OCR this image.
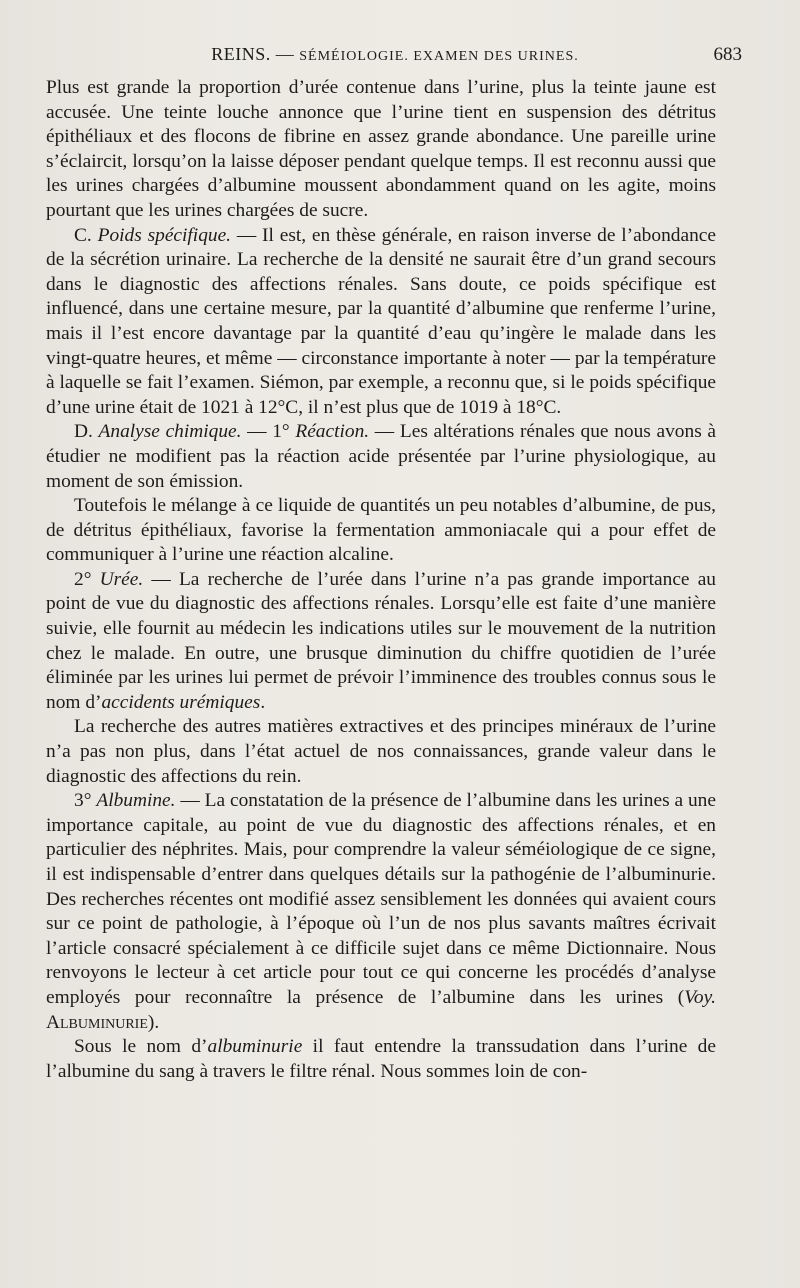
REINS. — SÉMÉIOLOGIE. EXAMEN DES URINES.	683

Plus est grande la proportion d’urée contenue dans l’urine, plus la teinte jaune est accusée. Une teinte louche annonce que l’urine tient en suspension des détritus épithéliaux et des flocons de fibrine en assez grande abondance. Une pareille urine s’éclaircit, lorsqu’on la laisse déposer pendant quelque temps. Il est reconnu aussi que les urines chargées d’albumine moussent abondamment quand on les agite, moins pourtant que les urines chargées de sucre.

C. Poids spécifique. — Il est, en thèse générale, en raison inverse de l’abondance de la sécrétion urinaire. La recherche de la densité ne saurait être d’un grand secours dans le diagnostic des affections rénales. Sans doute, ce poids spécifique est influencé, dans une certaine mesure, par la quantité d’albumine que renferme l’urine, mais il l’est encore davantage par la quantité d’eau qu’ingère le malade dans les vingt-quatre heures, et même — circonstance importante à noter — par la température à laquelle se fait l’examen. Siémon, par exemple, a reconnu que, si le poids spécifique d’une urine était de 1021 à 12°C, il n’est plus que de 1019 à 18°C.

D. Analyse chimique. — 1° Réaction. — Les altérations rénales que nous avons à étudier ne modifient pas la réaction acide présentée par l’urine physiologique, au moment de son émission.

Toutefois le mélange à ce liquide de quantités un peu notables d’albumine, de pus, de détritus épithéliaux, favorise la fermentation ammoniacale qui a pour effet de communiquer à l’urine une réaction alcaline.

2° Urée. — La recherche de l’urée dans l’urine n’a pas grande importance au point de vue du diagnostic des affections rénales. Lorsqu’elle est faite d’une manière suivie, elle fournit au médecin les indications utiles sur le mouvement de la nutrition chez le malade. En outre, une brusque diminution du chiffre quotidien de l’urée éliminée par les urines lui permet de prévoir l’imminence des troubles connus sous le nom d’accidents urémiques.

La recherche des autres matières extractives et des principes minéraux de l’urine n’a pas non plus, dans l’état actuel de nos connaissances, grande valeur dans le diagnostic des affections du rein.

3° Albumine. — La constatation de la présence de l’albumine dans les urines a une importance capitale, au point de vue du diagnostic des affections rénales, et en particulier des néphrites. Mais, pour comprendre la valeur séméiologique de ce signe, il est indispensable d’entrer dans quelques détails sur la pathogénie de l’albuminurie. Des recherches récentes ont modifié assez sensiblement les données qui avaient cours sur ce point de pathologie, à l’époque où l’un de nos plus savants maîtres écrivait l’article consacré spécialement à ce difficile sujet dans ce même Dictionnaire. Nous renvoyons le lecteur à cet article pour tout ce qui concerne les procédés d’analyse employés pour reconnaître la présence de l’albumine dans les urines (Voy. Albuminurie).

Sous le nom d’albuminurie il faut entendre la transsudation dans l’urine de l’albumine du sang à travers le filtre rénal. Nous sommes loin de con-
